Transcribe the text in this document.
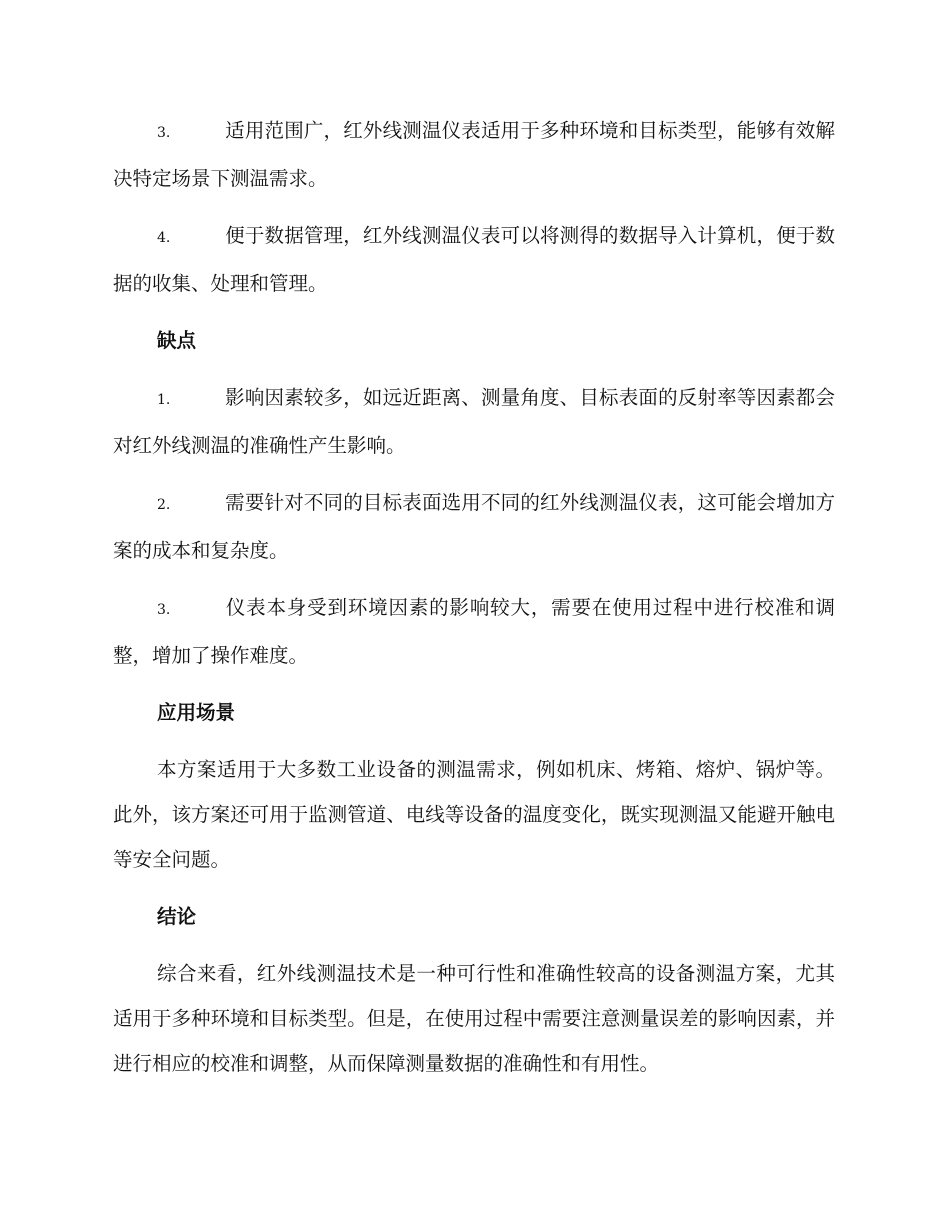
3.	适用范围广，红外线测温仪表适用于多种环境和目标类型，能够有效解决特定场景下测温需求。

4.	便于数据管理，红外线测温仪表可以将测得的数据导入计算机，便于数据的收集、处理和管理。

缺点

1.	影响因素较多，如远近距离、测量角度、目标表面的反射率等因素都会对红外线测温的准确性产生影响。

2.	需要针对不同的目标表面选用不同的红外线测温仪表，这可能会增加方案的成本和复杂度。

3.	仪表本身受到环境因素的影响较大，需要在使用过程中进行校准和调整，增加了操作难度。

应用场景

本方案适用于大多数工业设备的测温需求，例如机床、烤箱、熔炉、锅炉等。此外，该方案还可用于监测管道、电线等设备的温度变化，既实现测温又能避开触电等安全问题。

结论

综合来看，红外线测温技术是一种可行性和准确性较高的设备测温方案，尤其适用于多种环境和目标类型。但是，在使用过程中需要注意测量误差的影响因素，并进行相应的校准和调整，从而保障测量数据的准确性和有用性。
